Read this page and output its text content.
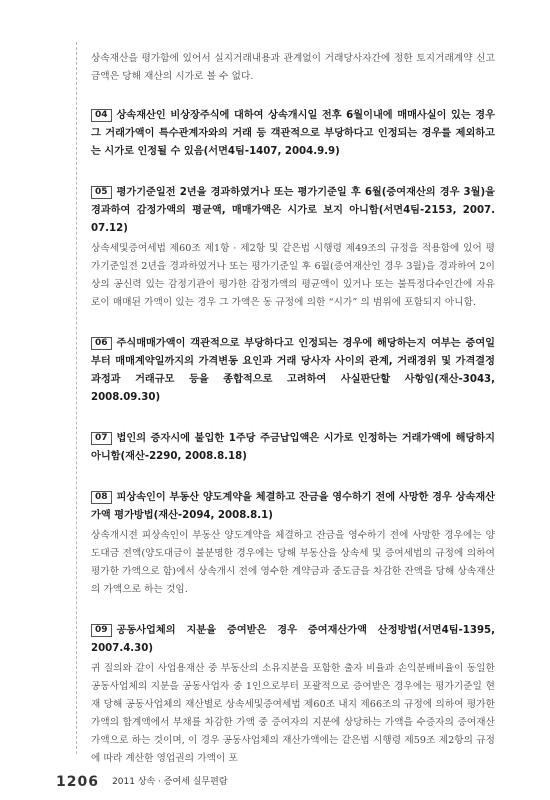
상속재산을 평가함에 있어서 실지거래내용과 관계없이 거래당사자간에 정한 토지거래계약 신고금액은 당해 재산의 시가로 볼 수 없다.

04 상속재산인 비상장주식에 대하여 상속개시일 전후 6월이내에 매매사실이 있는 경우 그 거래가액이 특수관계자와의 거래 등 객관적으로 부당하다고 인정되는 경우를 제외하고는 시가로 인정될 수 있음(서면4팀-1407, 2004.9.9)

05 평가기준일전 2년을 경과하였거나 또는 평가기준일 후 6월(증여재산의 경우 3월)을 경과하여 감정가액의 평균액, 매매가액은 시가로 보지 아니함(서면4팀-2153, 2007. 07.12)

상속세및증여세법 제60조 제1항 · 제2항 및 같은법 시행령 제49조의 규정을 적용함에 있어 평가기준일전 2년을 경과하였거나 또는 평가기준일 후 6월(증여재산인 경우 3월)을 경과하여 2이상의 공신력 있는 감정기관이 평가한 감정가액의 평균액이 있거나 또는 불특정다수인간에 자유로이 매매된 가액이 있는 경우 그 가액은 동 규정에 의한 “시가” 의 범위에 포함되지 아니함.

06 주식매매가액이 객관적으로 부당하다고 인정되는 경우에 해당하는지 여부는 증여일부터 매매계약일까지의 가격변동 요인과 거래 당사자 사이의 관계, 거래경위 및 가격결정 과정과 거래규모 등을 종합적으로 고려하여 사실판단할 사항임(재산-3043, 2008.09.30)

07 법인의 증자시에 불입한 1주당 주금납입액은 시가로 인정하는 거래가액에 해당하지 아니함(재산-2290, 2008.8.18)

08 피상속인이 부동산 양도계약을 체결하고 잔금을 영수하기 전에 사망한 경우 상속재산가액 평가방법(재산-2094, 2008.8.1)

상속개시전 피상속인이 부동산 양도계약을 체결하고 잔금을 영수하기 전에 사망한 경우에는 양도대금 전액(양도대금이 불분명한 경우에는 당해 부동산을 상속세 및 증여세법의 규정에 의하여 평가한 가액으로 함)에서 상속개시 전에 영수한 계약금과 중도금을 차감한 잔액을 당해 상속재산의 가액으로 하는 것임.

09 공동사업체의 지분을 증여받은 경우 증여재산가액 산정방법(서면4팀-1395, 2007.4.30)

귀 질의와 같이 사업용재산 중 부동산의 소유지분을 포함한 출자 비율과 손익분배비율이 동일한 공동사업체의 지분을 공동사업자 중 1인으로부터 포괄적으로 증여받은 경우에는 평가기준일 현재 당해 공동사업체의 재산별로 상속세및증여세법 제60조 내지 제66조의 규정에 의하여 평가한 가액의 합계액에서 부채를 차감한 가액 중 증여자의 지분에 상당하는 가액을 수증자의 증여재산가액으로 하는 것이며, 이 경우 공동사업체의 재산가액에는 같은법 시행령 제59조 제2항의 규정에 따라 계산한 영업권의 가액이 포

1206 2011 상속 · 증여세 실무편람
